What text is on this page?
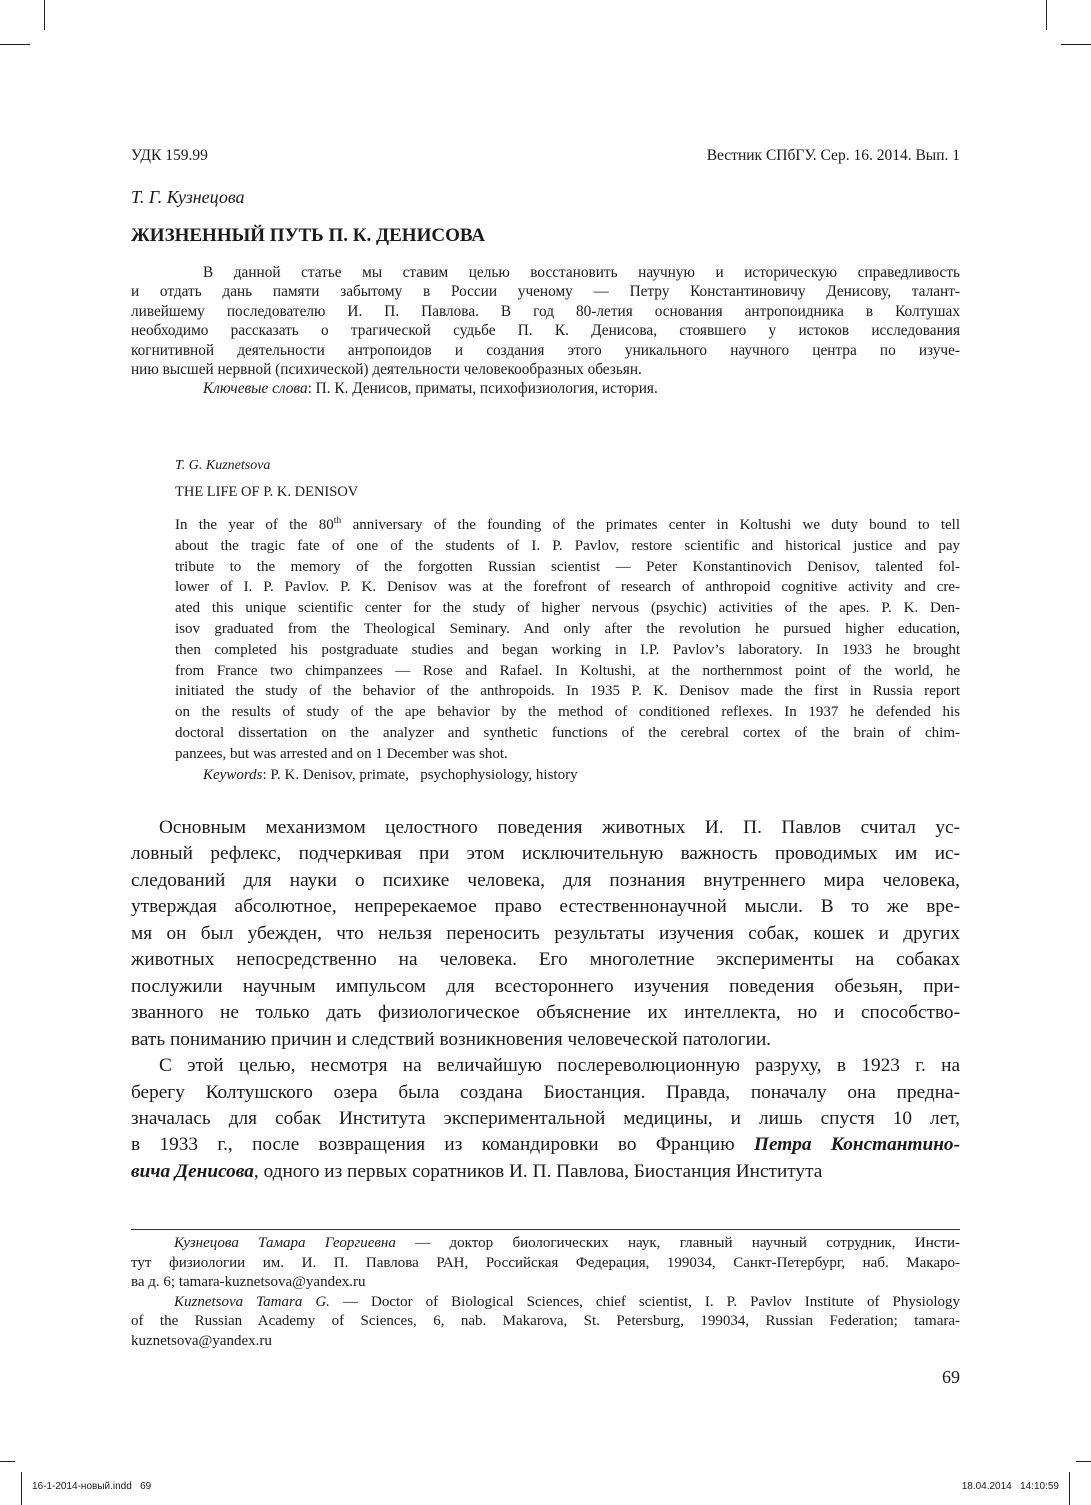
УДК 159.99	Вестник СПбГУ. Сер. 16. 2014. Вып. 1
Т. Г. Кузнецова
ЖИЗНЕННЫЙ ПУТЬ П. К. ДЕНИСОВА
В данной статье мы ставим целью восстановить научную и историческую справедливость
и отдать дань памяти забытому в России ученому — Петру Константиновичу Денисову, талант-
ливейшему последователю И. П. Павлова. В год 80-летия основания антропоидника в Колтушах
необходимо рассказать о трагической судьбе П. К. Денисова, стоявшего у истоков исследования
когнитивной деятельности антропоидов и создания этого уникального научного центра по изуче-
нию высшей нервной (психической) деятельности человекообразных обезьян.
Ключевые слова: П. К. Денисов, приматы, психофизиология, история.
T. G. Kuznetsova
THE LIFE OF P. K. DENISOV
In the year of the 80th anniversary of the founding of the primates center in Koltushi we duty bound to tell
about the tragic fate of one of the students of I. P. Pavlov, restore scientific and historical justice and pay
tribute to the memory of the forgotten Russian scientist — Peter Konstantinovich Denisov, talented fol-
lower of I. P. Pavlov. P. K. Denisov was at the forefront of research of anthropoid cognitive activity and cre-
ated this unique scientific center for the study of higher nervous (psychic) activities of the apes. P. K. Den-
isov graduated from the Theological Seminary. And only after the revolution he pursued higher education,
then completed his postgraduate studies and began working in I.P. Pavlov’s laboratory. In 1933 he brought
from France two chimpanzees — Rose and Rafael. In Koltushi, at the northernmost point of the world, he
initiated the study of the behavior of the anthropoids. In 1935 P. K. Denisov made the first in Russia report
on the results of study of the ape behavior by the method of conditioned reflexes. In 1937 he defended his
doctoral dissertation on the analyzer and synthetic functions of the cerebral cortex of the brain of chim-
panzees, but was arrested and on 1 December was shot.
Keywords: P. K. Denisov, primate,   psychophysiology, history
Основным механизмом целостного поведения животных И. П. Павлов считал ус-
ловный рефлекс, подчеркивая при этом исключительную важность проводимых им ис-
следований для науки о психике человека, для познания внутреннего мира человека,
утверждая абсолютное, непререкаемое право естественнонаучной мысли. В то же вре-
мя он был убежден, что нельзя переносить результаты изучения собак, кошек и других
животных непосредственно на человека. Его многолетние эксперименты на собаках
послужили научным импульсом для всестороннего изучения поведения обезьян, при-
званного не только дать физиологическое объяснение их интеллекта, но и способство-
вать пониманию причин и следствий возникновения человеческой патологии.
С этой целью, несмотря на величайшую послереволюционную разруху, в 1923 г. на
берегу Колтушского озера была создана Биостанция. Правда, поначалу она предна-
значалась для собак Института экспериментальной медицины, и лишь спустя 10 лет,
в 1933 г., после возвращения из командировки во Францию Петра Константино-
вича Денисова, одного из первых соратников И. П. Павлова, Биостанция Института
Кузнецова Тамара Георгиевна — доктор биологических наук, главный научный сотрудник, Инсти-
тут физиологии им. И. П. Павлова РАН, Российская Федерация, 199034, Санкт-Петербург, наб. Макаро-
ва д. 6; tamara-kuznetsova@yandex.ru
Kuznetsova Tamara G. — Doctor of Biological Sciences, chief scientist, I. P. Pavlov Institute of Physiology
of the Russian Academy of Sciences, 6, nab. Makarova, St. Petersburg, 199034, Russian Federation; tamara-
kuznetsova@yandex.ru
69
16-1-2014-новый.indd   69	18.04.2014   14:10:59
